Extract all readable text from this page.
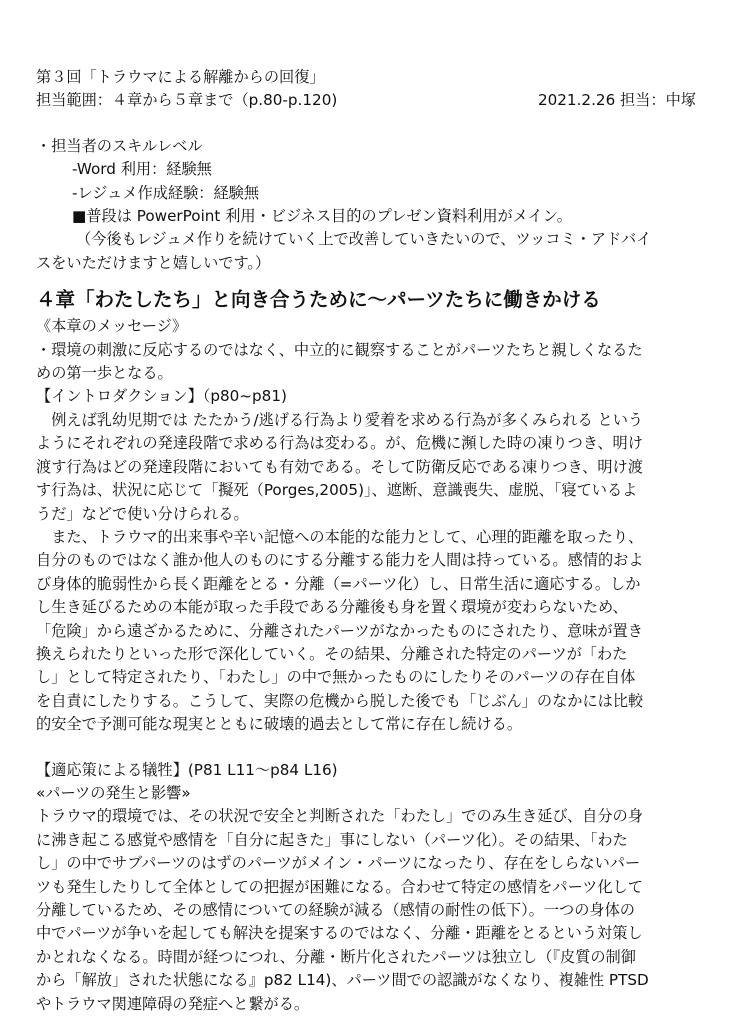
第３回「トラウマによる解離からの回復」
担当範囲：４章から５章まで（p.80-p.120)	2021.2.26 担当：中塚
・担当者のスキルレベル
-Word 利用：経験無
-レジュメ作成経験：経験無
■普段は PowerPoint 利用・ビジネス目的のプレゼン資料利用がメイン。
（今後もレジュメ作りを続けていく上で改善していきたいので、ツッコミ・アドバイ
スをいただけますと嬉しいです。）
４章「わたしたち」と向き合うために〜パーツたちに働きかける
《本章のメッセージ》
・環境の刺激に反応するのではなく、中立的に観察することがパーツたちと親しくなるた
めの第一歩となる。
【イントロダクション】（p80~p81)
　例えば乳幼児期では たたかう/逃げる行為より愛着を求める行為が多くみられる という
ようにそれぞれの発達段階で求める行為は変わる。が、危機に瀕した時の凍りつき、明け
渡す行為はどの発達段階においても有効である。そして防衛反応である凍りつき、明け渡
す行為は、状況に応じて「擬死（Porges,2005)」、遮断、意識喪失、虚脱、「寝ているよ
うだ」などで使い分けられる。
　また、トラウマ的出来事や辛い記憶への本能的な能力として、心理的距離を取ったり、
自分のものではなく誰か他人のものにする分離する能力を人間は持っている。感情的およ
び身体的脆弱性から長く距離をとる・分離（=パーツ化）し、日常生活に適応する。しか
し生き延びるための本能が取った手段である分離後も身を置く環境が変わらないため、
「危険」から遠ざかるために、分離されたパーツがなかったものにされたり、意味が置き
換えられたりといった形で深化していく。その結果、分離された特定のパーツが「わた
し」として特定されたり、「わたし」の中で無かったものにしたりそのパーツの存在自体
を自責にしたりする。こうして、実際の危機から脱した後でも「じぶん」のなかには比較
的安全で予測可能な現実とともに破壊的過去として常に存在し続ける。
【適応策による犠牲】(P81 L11〜p84 L16)
«パーツの発生と影響»
トラウマ的環境では、その状況で安全と判断された「わたし」でのみ生き延び、自分の身
に沸き起こる感覚や感情を「自分に起きた」事にしない（パーツ化）。その結果、「わた
し」の中でサブパーツのはずのパーツがメイン・パーツになったり、存在をしらないパー
ツも発生したりして全体としての把握が困難になる。合わせて特定の感情をパーツ化して
分離しているため、その感情についての経験が減る（感情の耐性の低下）。一つの身体の
中でパーツが争いを起しても解決を提案するのではなく、分離・距離をとるという対策し
かとれなくなる。時間が経つにつれ、分離・断片化されたパーツは独立し（『皮質の制御
から「解放」された状態になる』p82 L14)、パーツ間での認識がなくなり、複雑性 PTSD
やトラウマ関連障碍の発症へと繋がる。
